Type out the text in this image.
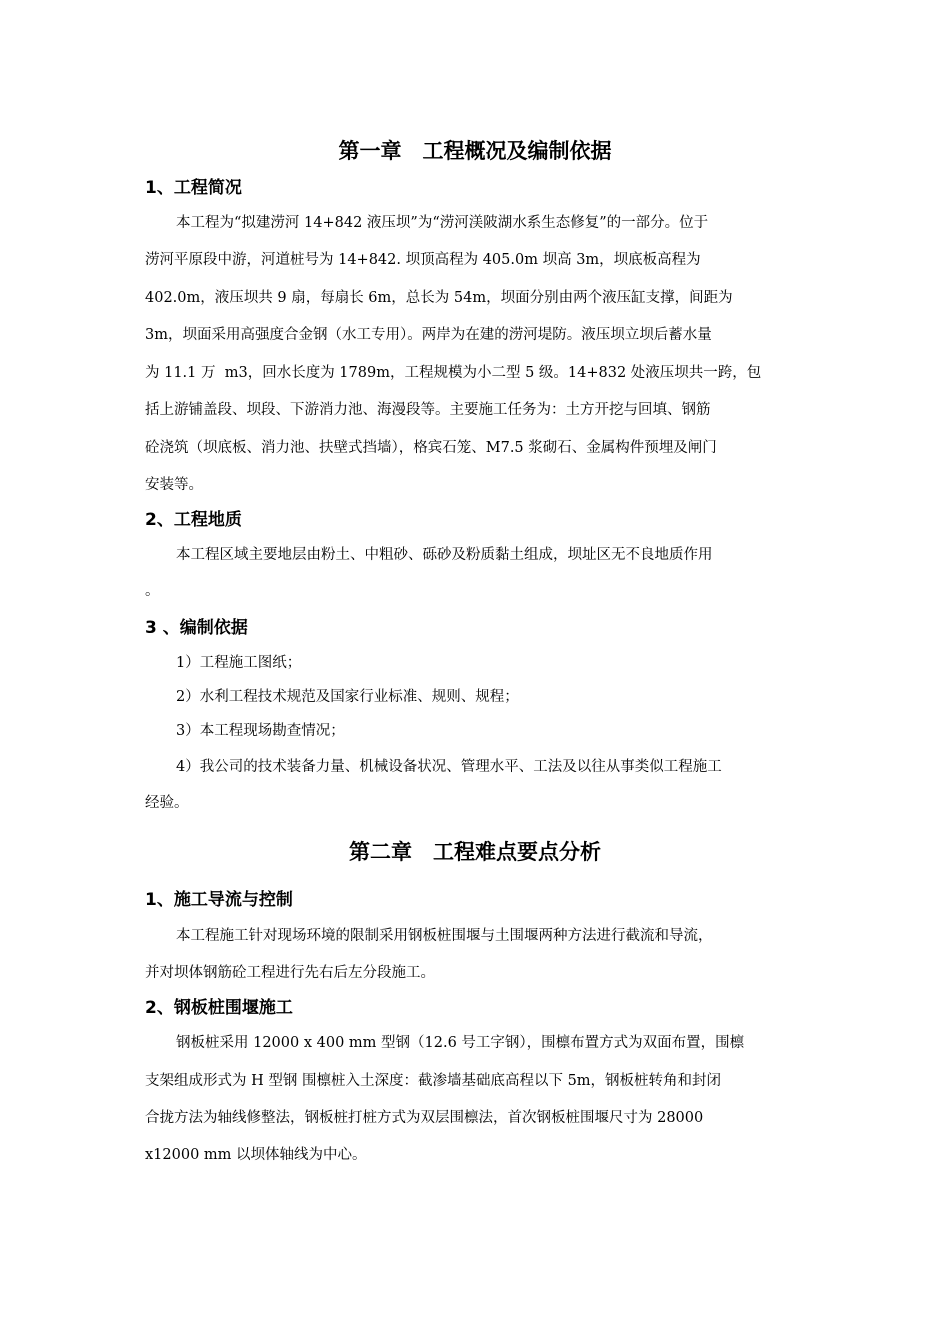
第一章　工程概况及编制依据
1、工程简况
本工程为“拟建涝河 14+842 液压坝”为“涝河渼陂湖水系生态修复”的一部分。位于
涝河平原段中游，河道桩号为 14+842. 坝顶高程为 405.0m 坝高 3m，坝底板高程为
402.0m，液压坝共 9 扇，每扇长 6m，总长为 54m，坝面分别由两个液压缸支撑，间距为
3m，坝面采用高强度合金钢（水工专用）。两岸为在建的涝河堤防。液压坝立坝后蓄水量
为 11.1 万  m3，回水长度为 1789m，工程规模为小二型 5 级。14+832 处液压坝共一跨，包
括上游铺盖段、坝段、下游消力池、海漫段等。主要施工任务为：土方开挖与回填、钢筋
砼浇筑（坝底板、消力池、扶壁式挡墙），格宾石笼、M7.5 浆砌石、金属构件预埋及闸门
安装等。
2、工程地质
本工程区域主要地层由粉土、中粗砂、砾砂及粉质黏土组成，坝址区无不良地质作用
。
3 、编制依据
1）工程施工图纸；
2）水利工程技术规范及国家行业标准、规则、规程；
3）本工程现场勘查情况；
4）我公司的技术装备力量、机械设备状况、管理水平、工法及以往从事类似工程施工
经验。
第二章　工程难点要点分析
1、施工导流与控制
本工程施工针对现场环境的限制采用钢板桩围堰与土围堰两种方法进行截流和导流，
并对坝体钢筋砼工程进行先右后左分段施工。
2、钢板桩围堰施工
钢板桩采用 12000 x 400 mm 型钢（12.6 号工字钢），围檩布置方式为双面布置，围檩
支架组成形式为 H 型钢 围檩桩入土深度：截渗墙基础底高程以下 5m，钢板桩转角和封闭
合拢方法为轴线修整法，钢板桩打桩方式为双层围檩法，首次钢板桩围堰尺寸为 28000
x12000 mm 以坝体轴线为中心。
